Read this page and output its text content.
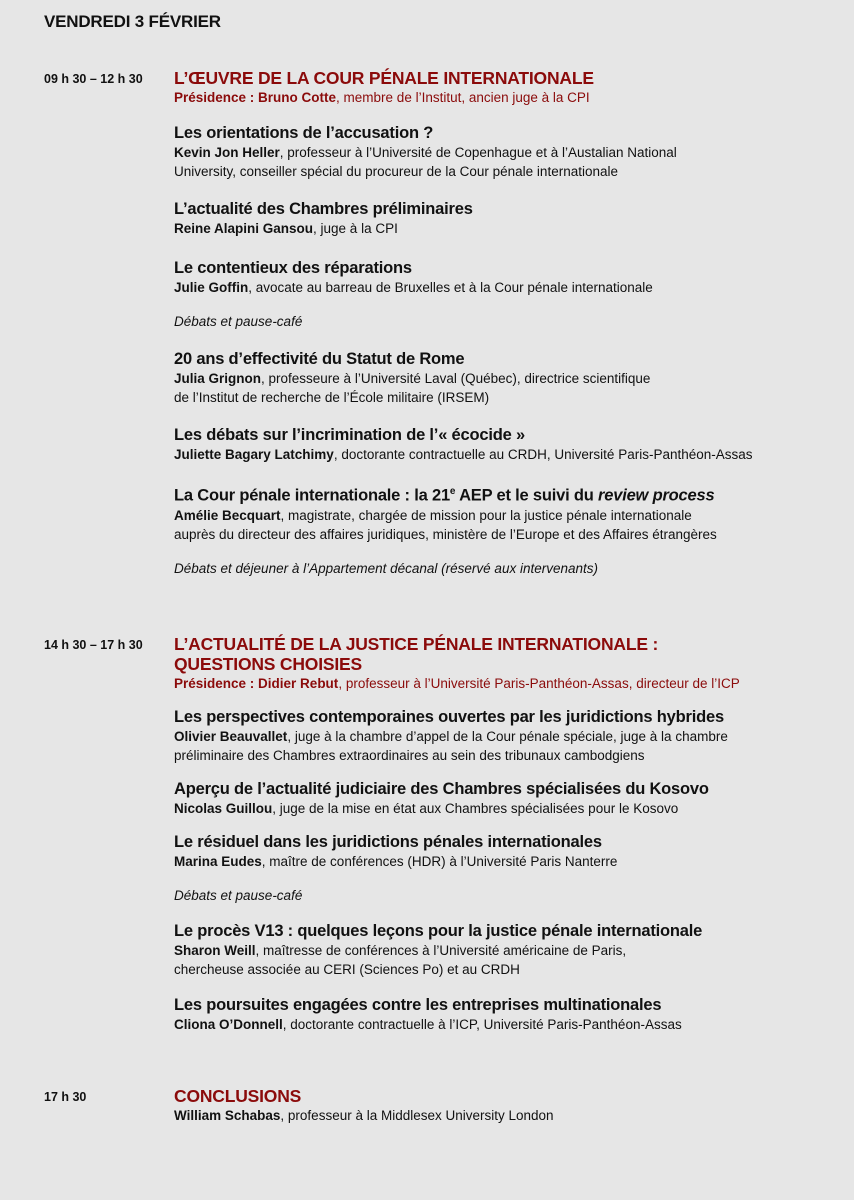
VENDREDI 3 FÉVRIER
09 h 30 – 12 h 30 L’ŒUVRE DE LA COUR PÉNALE INTERNATIONALE
Présidence : Bruno Cotte, membre de l’Institut, ancien juge à la CPI
Les orientations de l’accusation ?
Kevin Jon Heller, professeur à l’Université de Copenhague et à l’Austalian National
University, conseiller spécial du procureur de la Cour pénale internationale
L’actualité des Chambres préliminaires
Reine Alapini Gansou, juge à la CPI
Le contentieux des réparations
Julie Goffin, avocate au barreau de Bruxelles et à la Cour pénale internationale
Débats et pause-café
20 ans d’effectivité du Statut de Rome
Julia Grignon, professeure à l’Université Laval (Québec), directrice scientifique
de l’Institut de recherche de l’École militaire (IRSEM)
Les débats sur l’incrimination de l’« écocide »
Juliette Bagary Latchimy, doctorante contractuelle au CRDH, Université Paris-Panthéon-Assas
La Cour pénale internationale : la 21e AEP et le suivi du review process
Amélie Becquart, magistrate, chargée de mission pour la justice pénale internationale
auprès du directeur des affaires juridiques, ministère de l’Europe et des Affaires étrangères
Débats et déjeuner à l’Appartement décanal (réservé aux intervenants)
14 h 30 – 17 h 30 L’ACTUALITÉ DE LA JUSTICE PÉNALE INTERNATIONALE :
QUESTIONS CHOISIES
Présidence : Didier Rebut, professeur à l’Université Paris-Panthéon-Assas, directeur de l’ICP
Les perspectives contemporaines ouvertes par les juridictions hybrides
Olivier Beauvallet, juge à la chambre d’appel de la Cour pénale spéciale, juge à la chambre
préliminaire des Chambres extraordinaires au sein des tribunaux cambodgiens
Aperçu de l’actualité judiciaire des Chambres spécialisées du Kosovo
Nicolas Guillou, juge de la mise en état aux Chambres spécialisées pour le Kosovo
Le résiduel dans les juridictions pénales internationales
Marina Eudes, maître de conférences (HDR) à l’Université Paris Nanterre
Débats et pause-café
Le procès V13 : quelques leçons pour la justice pénale internationale
Sharon Weill, maîtresse de conférences à l’Université américaine de Paris,
chercheuse associée au CERI (Sciences Po) et au CRDH
Les poursuites engagées contre les entreprises multinationales
Cliona O’Donnell, doctorante contractuelle à l’ICP, Université Paris-Panthéon-Assas
17 h 30	CONCLUSIONS
William Schabas, professeur à la Middlesex University London
